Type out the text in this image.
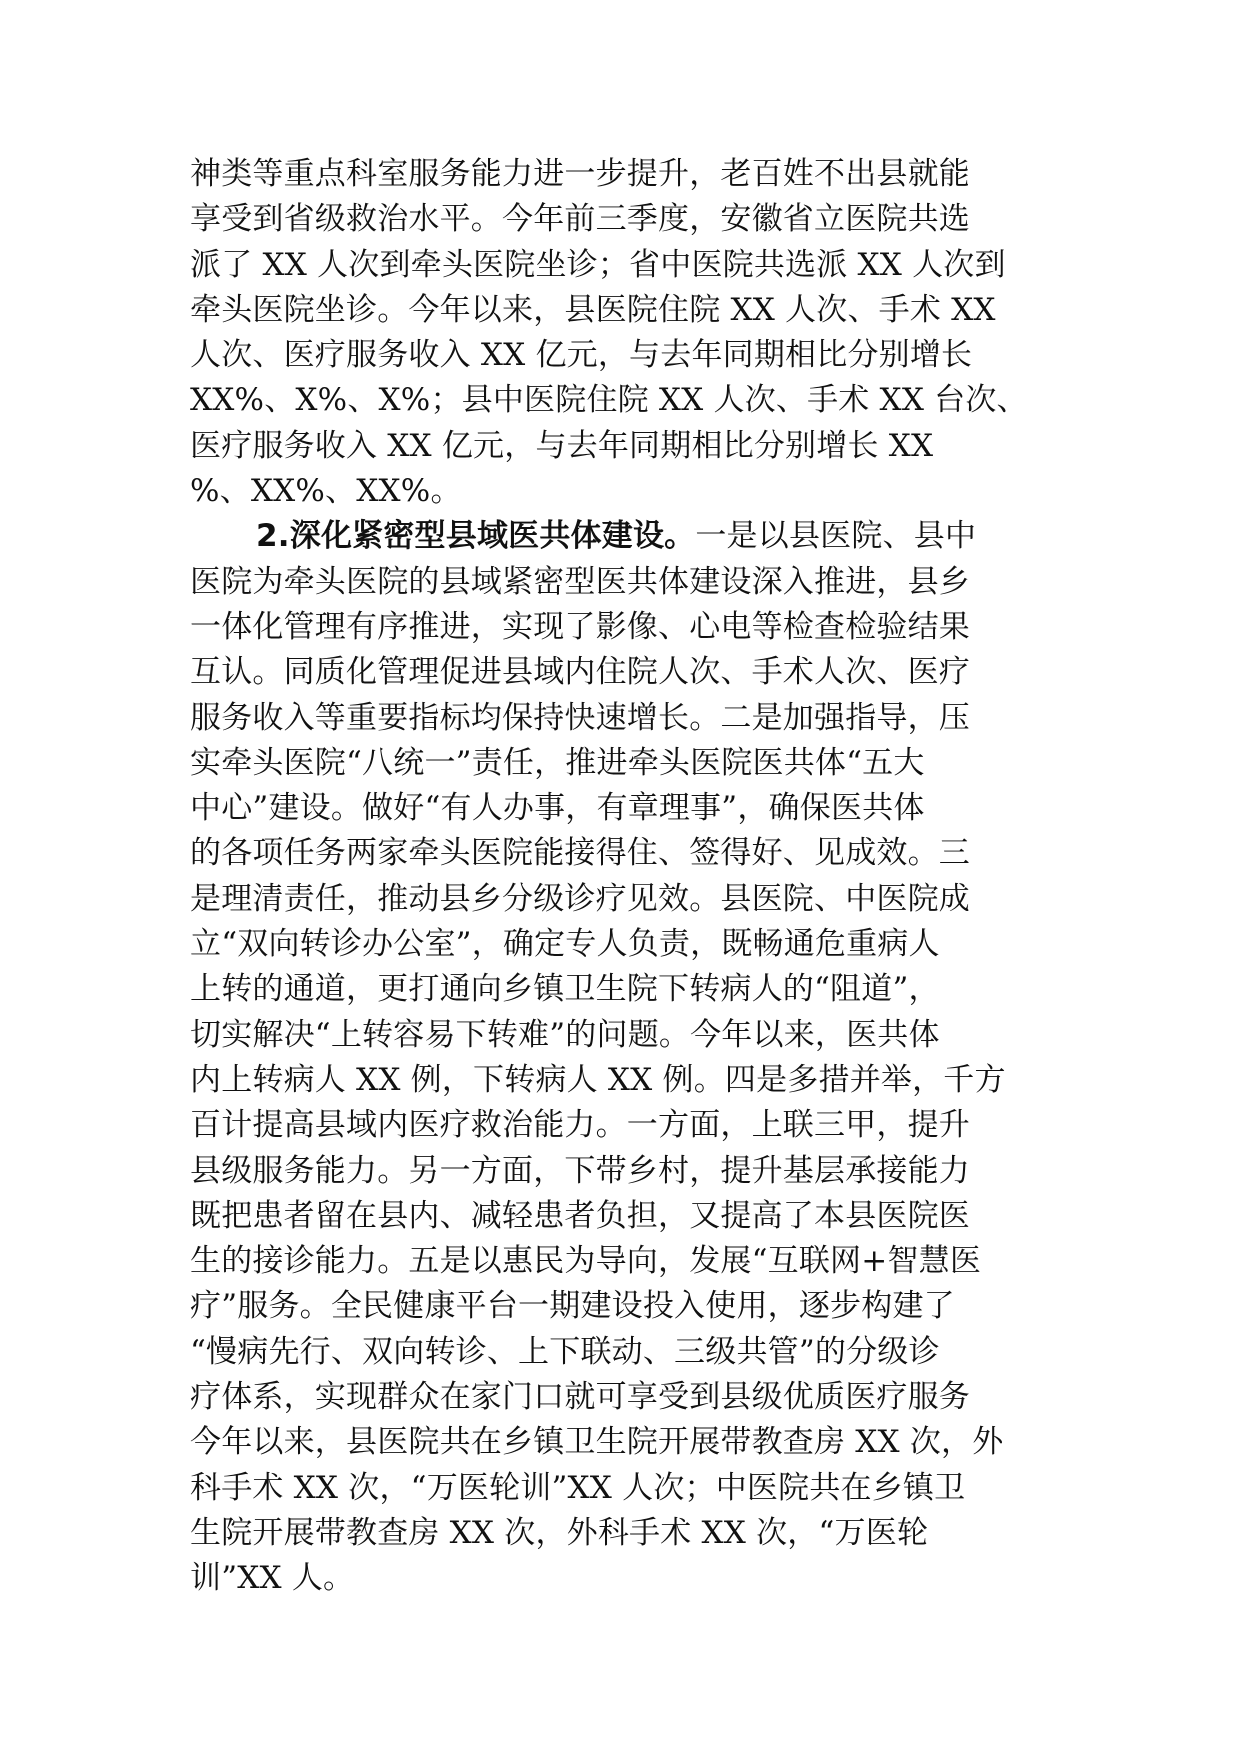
神类等重点科室服务能力进一步提升，老百姓不出县就能
享受到省级救治水平。今年前三季度，安徽省立医院共选
派了 XX 人次到牵头医院坐诊；省中医院共选派 XX 人次到
牵头医院坐诊。今年以来，县医院住院 XX 人次、手术 XX
人次、医疗服务收入 XX 亿元，与去年同期相比分别增长
XX%、X%、X%；县中医院住院 XX 人次、手术 XX 台次、
医疗服务收入 XX 亿元，与去年同期相比分别增长 XX
%、XX%、XX%。
2.深化紧密型县域医共体建设。一是以县医院、县中
医院为牵头医院的县域紧密型医共体建设深入推进，县乡
一体化管理有序推进，实现了影像、心电等检查检验结果
互认。同质化管理促进县域内住院人次、手术人次、医疗
服务收入等重要指标均保持快速增长。二是加强指导，压
实牵头医院“八统一”责任，推进牵头医院医共体“五大
中心”建设。做好“有人办事，有章理事”，确保医共体
的各项任务两家牵头医院能接得住、签得好、见成效。三
是理清责任，推动县乡分级诊疗见效。县医院、中医院成
立“双向转诊办公室”，确定专人负责，既畅通危重病人
上转的通道，更打通向乡镇卫生院下转病人的“阻道”，
切实解决“上转容易下转难”的问题。今年以来，医共体
内上转病人 XX 例，下转病人 XX 例。四是多措并举，千方
百计提高县域内医疗救治能力。一方面，上联三甲，提升
县级服务能力。另一方面，下带乡村，提升基层承接能力
既把患者留在县内、减轻患者负担，又提高了本县医院医
生的接诊能力。五是以惠民为导向，发展“互联网+智慧医
疗”服务。全民健康平台一期建设投入使用，逐步构建了
“慢病先行、双向转诊、上下联动、三级共管”的分级诊
疗体系，实现群众在家门口就可享受到县级优质医疗服务
今年以来，县医院共在乡镇卫生院开展带教查房 XX 次，外
科手术 XX 次，“万医轮训”XX 人次；中医院共在乡镇卫
生院开展带教查房 XX 次，外科手术 XX 次，“万医轮
训”XX 人。
